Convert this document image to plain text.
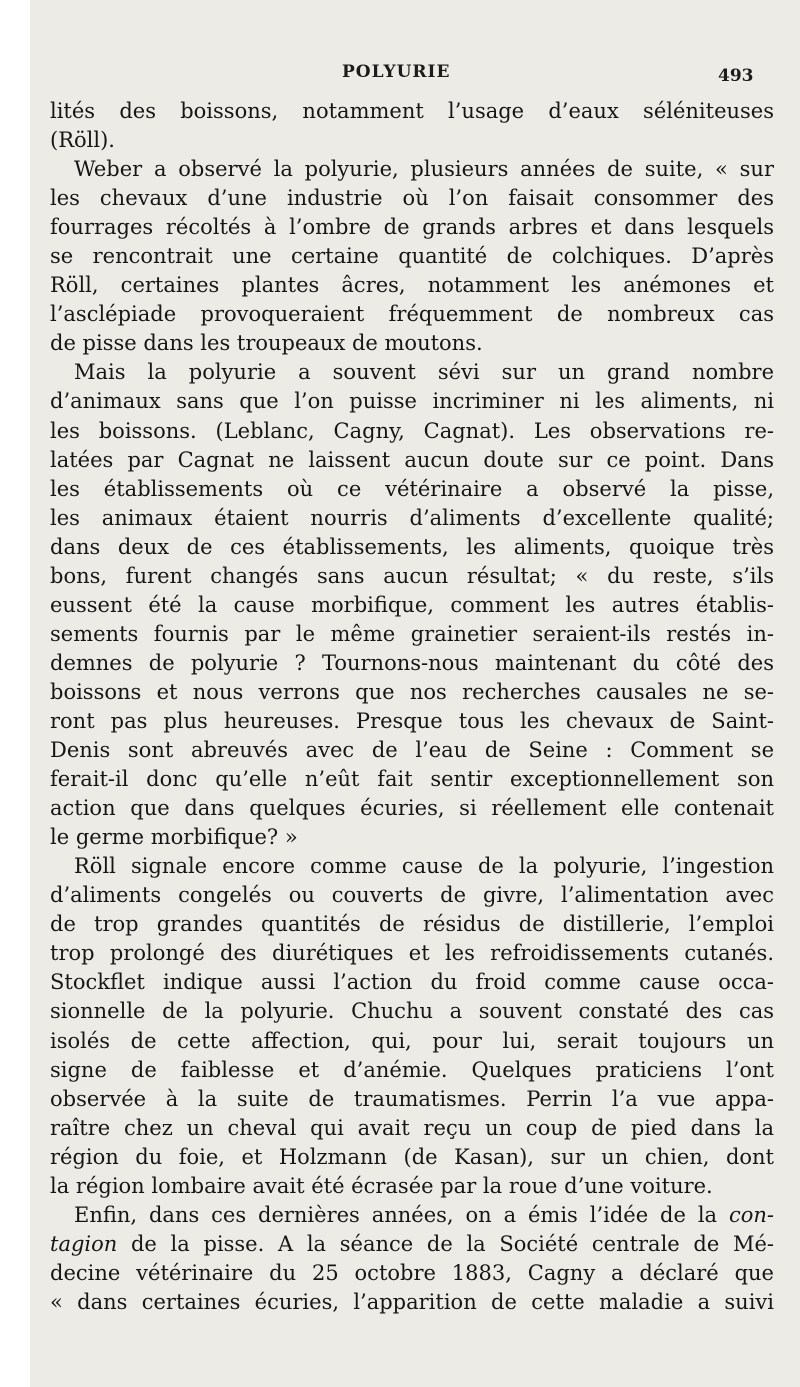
POLYURIE	493
lités des boissons, notamment l’usage d’eaux séléniteuses
(Röll).
Weber a observé la polyurie, plusieurs années de suite, « sur
les chevaux d’une industrie où l’on faisait consommer des
fourrages récoltés à l’ombre de grands arbres et dans lesquels
se rencontrait une certaine quantité de colchiques. D’après
Röll, certaines plantes âcres, notamment les anémones et
l’asclépiade provoqueraient fréquemment de nombreux cas
de pisse dans les troupeaux de moutons.
Mais la polyurie a souvent sévi sur un grand nombre
d’animaux sans que l’on puisse incriminer ni les aliments, ni
les boissons. (Leblanc, Cagny, Cagnat). Les observations re-
latées par Cagnat ne laissent aucun doute sur ce point. Dans
les établissements où ce vétérinaire a observé la pisse,
les animaux étaient nourris d’aliments d’excellente qualité;
dans deux de ces établissements, les aliments, quoique très
bons, furent changés sans aucun résultat; « du reste, s’ils
eussent été la cause morbifique, comment les autres établis-
sements fournis par le même grainetier seraient-ils restés in-
demnes de polyurie ? Tournons-nous maintenant du côté des
boissons et nous verrons que nos recherches causales ne se-
ront pas plus heureuses. Presque tous les chevaux de Saint-
Denis sont abreuvés avec de l’eau de Seine : Comment se
ferait-il donc qu’elle n’eût fait sentir exceptionnellement son
action que dans quelques écuries, si réellement elle contenait
le germe morbifique? »
Röll signale encore comme cause de la polyurie, l’ingestion
d’aliments congelés ou couverts de givre, l’alimentation avec
de trop grandes quantités de résidus de distillerie, l’emploi
trop prolongé des diurétiques et les refroidissements cutanés.
Stockflet indique aussi l’action du froid comme cause occa-
sionnelle de la polyurie. Chuchu a souvent constaté des cas
isolés de cette affection, qui, pour lui, serait toujours un
signe de faiblesse et d’anémie. Quelques praticiens l’ont
observée à la suite de traumatismes. Perrin l’a vue appa-
raître chez un cheval qui avait reçu un coup de pied dans la
région du foie, et Holzmann (de Kasan), sur un chien, dont
la région lombaire avait été écrasée par la roue d’une voiture.
Enfin, dans ces dernières années, on a émis l’idée de la con-
tagion de la pisse. A la séance de la Société centrale de Mé-
decine vétérinaire du 25 octobre 1883, Cagny a déclaré que
« dans certaines écuries, l’apparition de cette maladie a suivi
